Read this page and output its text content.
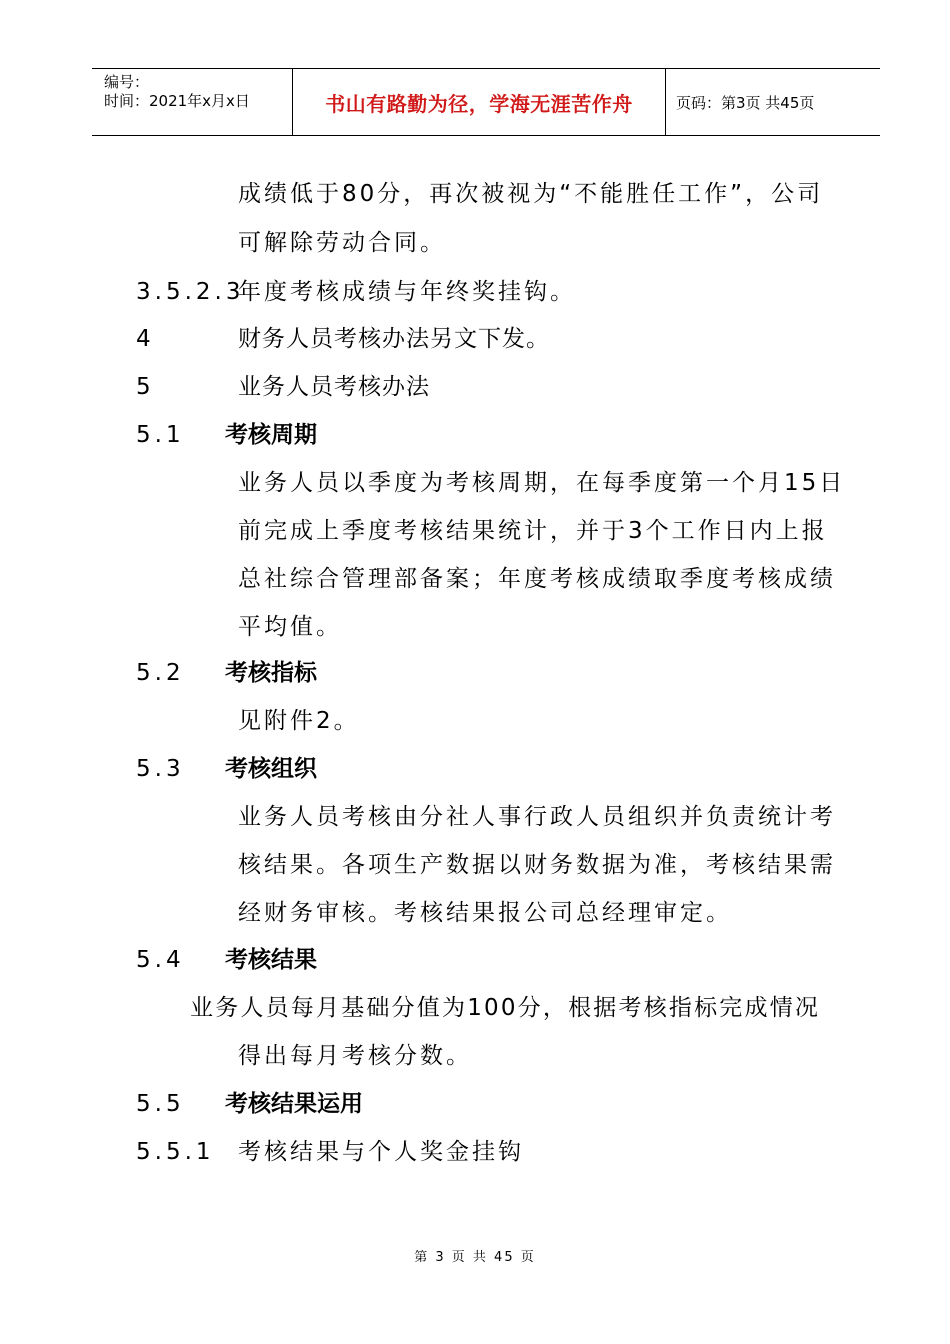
编号：
时间：2021年x月x日	书山有路勤为径，学海无涯苦作舟	页码：第3页 共45页
成绩低于80分，再次被视为“不能胜任工作”，公司
可解除劳动合同。
3.5.2.3
年度考核成绩与年终奖挂钩。
4	财务人员考核办法另文下发。
5	业务人员考核办法
5.1 考核周期
业务人员以季度为考核周期，在每季度第一个月15日
前完成上季度考核结果统计，并于3个工作日内上报
总社综合管理部备案；年度考核成绩取季度考核成绩
平均值。
5.2 考核指标
见附件2。
5.3 考核组织
业务人员考核由分社人事行政人员组织并负责统计考
核结果。各项生产数据以财务数据为准，考核结果需
经财务审核。考核结果报公司总经理审定。
5.4 考核结果
业务人员每月基础分值为100分，根据考核指标完成情况
得出每月考核分数。
5.5 考核结果运用
5.5.1 考核结果与个人奖金挂钩
第 3 页 共 45 页
